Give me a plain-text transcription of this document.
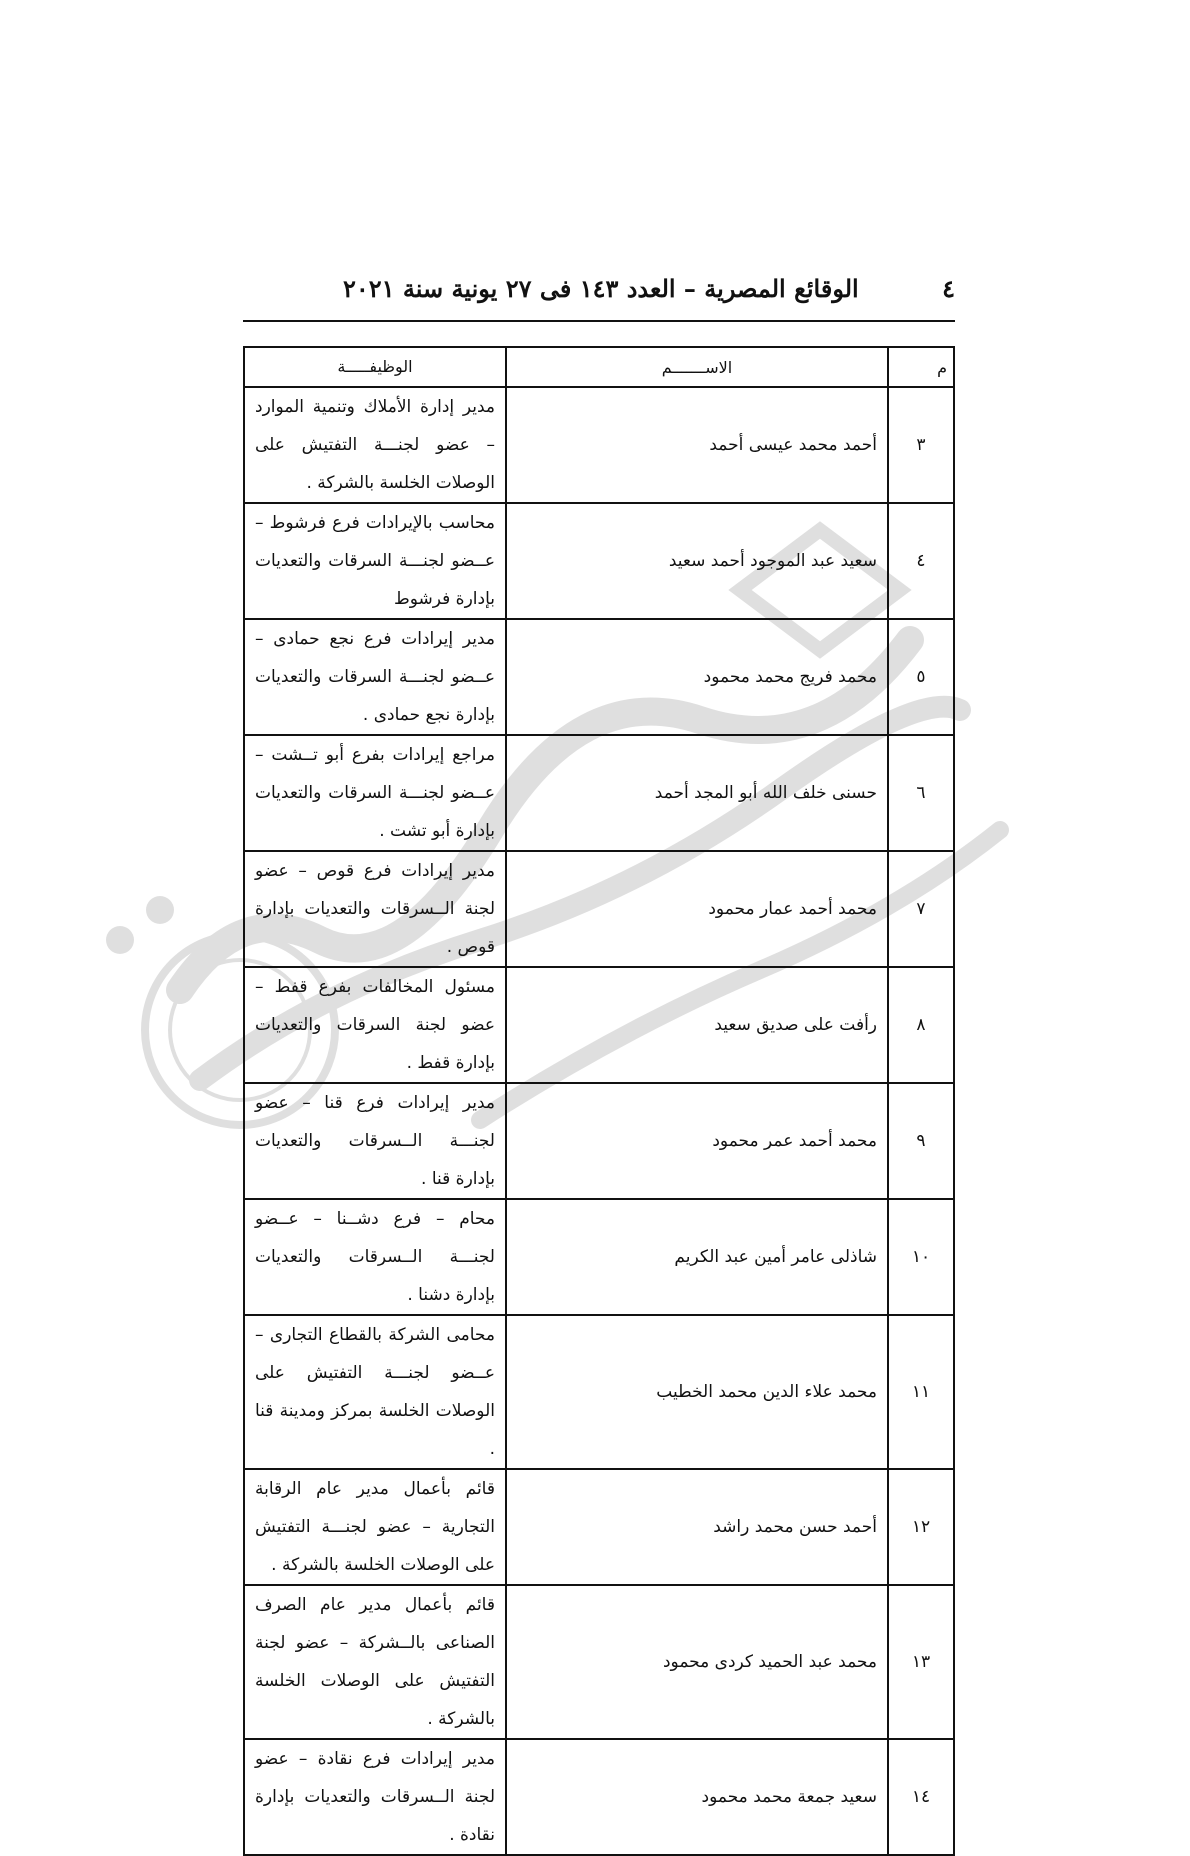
٤
الوقائع المصرية – العدد ١٤٣ فى ٢٧ يونية سنة ٢٠٢١
م	الاســـــــم	الوظيفـــــة
٣	أحمد محمد عيسى أحمد	مدير إدارة الأملاك وتنمية الموارد – عضو لجنـــة التفتيش على الوصلات الخلسة بالشركة .
٤	سعيد عبد الموجود أحمد سعيد	محاسب بالإيرادات فرع فرشوط – عــضو لجنـــة السرقات والتعديات بإدارة فرشوط
٥	محمد فريج محمد محمود	مدير إيرادات فرع نجع حمادى – عــضو لجنـــة السرقات والتعديات بإدارة نجع حمادى .
٦	حسنى خلف الله أبو المجد أحمد	مراجع إيرادات بفرع أبو تــشت – عــضو لجنـــة السرقات والتعديات بإدارة أبو تشت .
٧	محمد أحمد عمار محمود	مدير إيرادات فرع قوص – عضو لجنة الــسرقات والتعديات بإدارة قوص .
٨	رأفت على صديق سعيد	مسئول المخالفات بفرع قفط – عضو لجنة السرقات والتعديات بإدارة قفط .
٩	محمد أحمد عمر محمود	مدير إيرادات فرع قنا – عضو لجنـــة الــسرقات والتعديات بإدارة قنا .
١٠	شاذلى عامر أمين عبد الكريم	محام – فرع دشــنا – عــضو لجنـــة الــسرقات والتعديات بإدارة دشنا .
١١	محمد علاء الدين محمد الخطيب	محامى الشركة بالقطاع التجارى – عــضو لجنـــة التفتيش على الوصلات الخلسة بمركز ومدينة قنا .
١٢	أحمد حسن محمد راشد	قائم بأعمال مدير عام الرقابة التجارية – عضو لجنـــة التفتيش على الوصلات الخلسة بالشركة .
١٣	محمد عبد الحميد كردى محمود	قائم بأعمال مدير عام الصرف الصناعى بالــشركة – عضو لجنة التفتيش على الوصلات الخلسة بالشركة .
١٤	سعيد جمعة محمد محمود	مدير إيرادات فرع نقادة – عضو لجنة الــسرقات والتعديات بإدارة نقادة .
